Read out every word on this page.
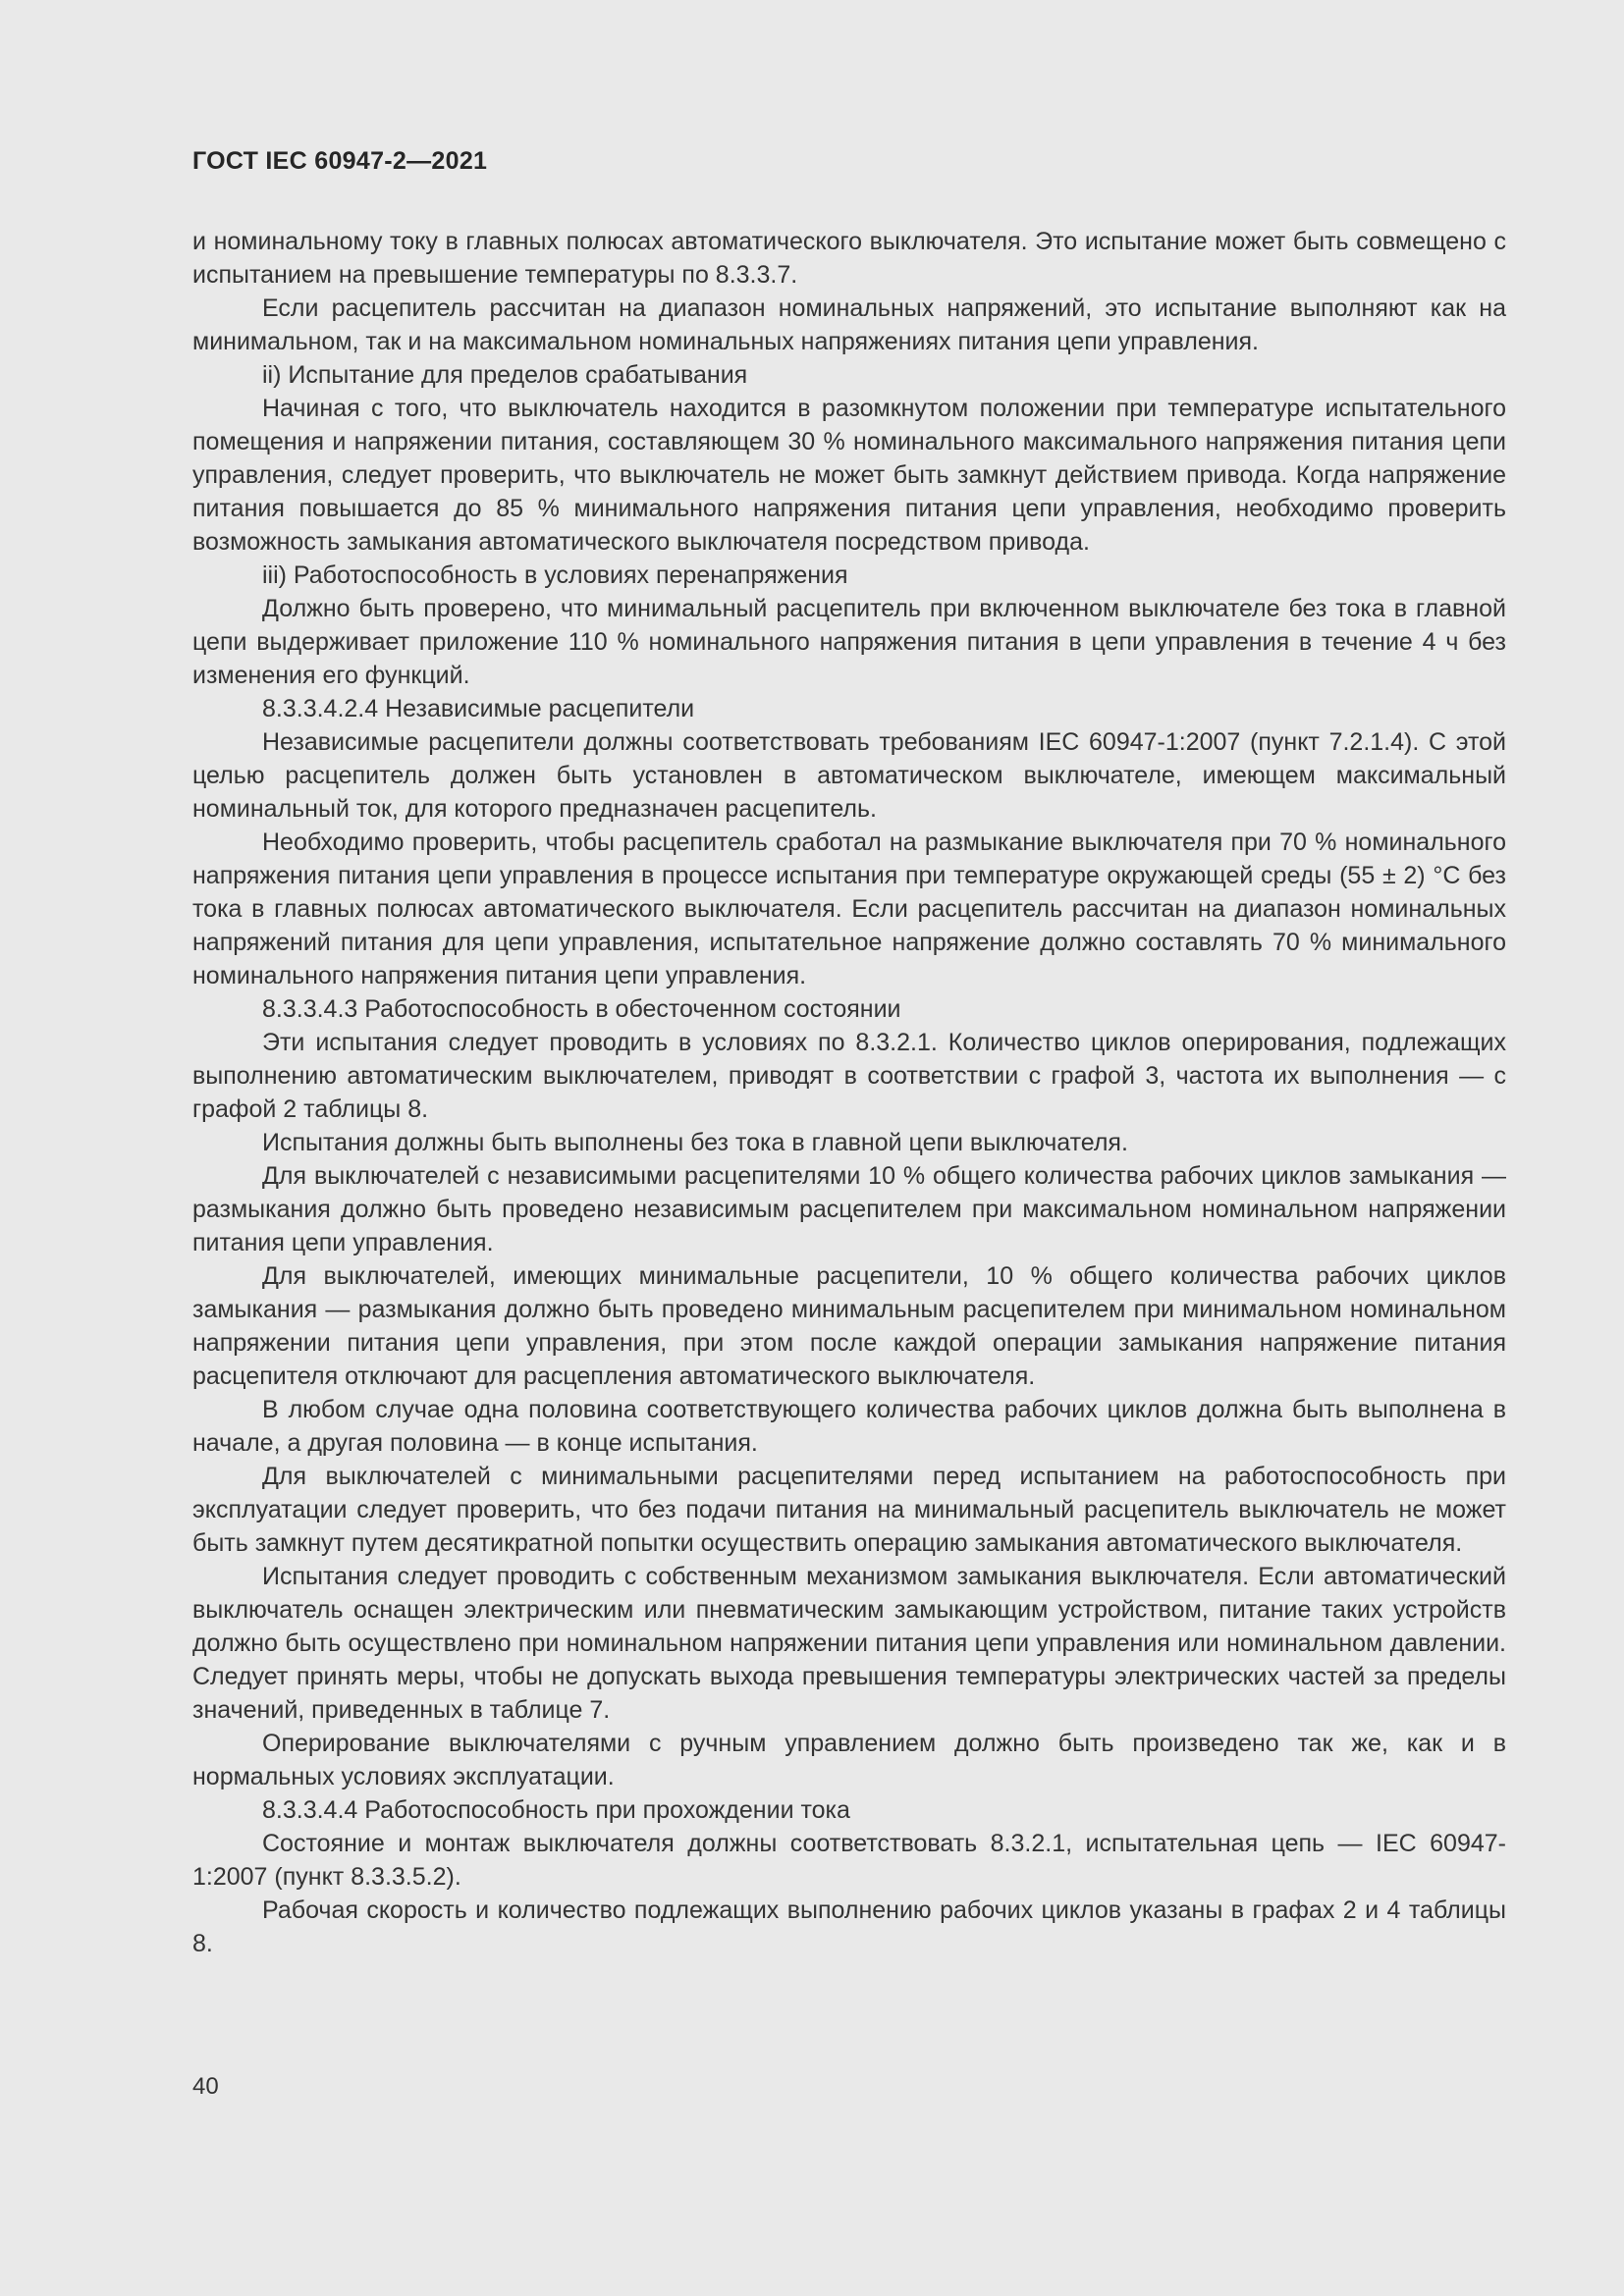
ГОСТ IEC 60947-2—2021

и номинальному току в главных полюсах автоматического выключателя. Это испытание может быть совмещено с испытанием на превышение температуры по 8.3.3.7.

Если расцепитель рассчитан на диапазон номинальных напряжений, это испытание выполняют как на минимальном, так и на максимальном номинальных напряжениях питания цепи управления.

ii) Испытание для пределов срабатывания

Начиная с того, что выключатель находится в разомкнутом положении при температуре испытательного помещения и напряжении питания, составляющем 30 % номинального максимального напряжения питания цепи управления, следует проверить, что выключатель не может быть замкнут действием привода. Когда напряжение питания повышается до 85 % минимального напряжения питания цепи управления, необходимо проверить возможность замыкания автоматического выключателя посредством привода.

iii) Работоспособность в условиях перенапряжения

Должно быть проверено, что минимальный расцепитель при включенном выключателе без тока в главной цепи выдерживает приложение 110 % номинального напряжения питания в цепи управления в течение 4 ч без изменения его функций.

8.3.3.4.2.4 Независимые расцепители

Независимые расцепители должны соответствовать требованиям IEC 60947-1:2007 (пункт 7.2.1.4). С этой целью расцепитель должен быть установлен в автоматическом выключателе, имеющем максимальный номинальный ток, для которого предназначен расцепитель.

Необходимо проверить, чтобы расцепитель сработал на размыкание выключателя при 70 % номинального напряжения питания цепи управления в процессе испытания при температуре окружающей среды (55 ± 2) °С без тока в главных полюсах автоматического выключателя. Если расцепитель рассчитан на диапазон номинальных напряжений питания для цепи управления, испытательное напряжение должно составлять 70 % минимального номинального напряжения питания цепи управления.

8.3.3.4.3 Работоспособность в обесточенном состоянии

Эти испытания следует проводить в условиях по 8.3.2.1. Количество циклов оперирования, подлежащих выполнению автоматическим выключателем, приводят в соответствии с графой 3, частота их выполнения — с графой 2 таблицы 8.

Испытания должны быть выполнены без тока в главной цепи выключателя.

Для выключателей с независимыми расцепителями 10 % общего количества рабочих циклов замыкания — размыкания должно быть проведено независимым расцепителем при максимальном номинальном напряжении питания цепи управления.

Для выключателей, имеющих минимальные расцепители, 10 % общего количества рабочих циклов замыкания — размыкания должно быть проведено минимальным расцепителем при минимальном номинальном напряжении питания цепи управления, при этом после каждой операции замыкания напряжение питания расцепителя отключают для расцепления автоматического выключателя.

В любом случае одна половина соответствующего количества рабочих циклов должна быть выполнена в начале, а другая половина — в конце испытания.

Для выключателей с минимальными расцепителями перед испытанием на работоспособность при эксплуатации следует проверить, что без подачи питания на минимальный расцепитель выключатель не может быть замкнут путем десятикратной попытки осуществить операцию замыкания автоматического выключателя.

Испытания следует проводить с собственным механизмом замыкания выключателя. Если автоматический выключатель оснащен электрическим или пневматическим замыкающим устройством, питание таких устройств должно быть осуществлено при номинальном напряжении питания цепи управления или номинальном давлении. Следует принять меры, чтобы не допускать выхода превышения температуры электрических частей за пределы значений, приведенных в таблице 7.

Оперирование выключателями с ручным управлением должно быть произведено так же, как и в нормальных условиях эксплуатации.

8.3.3.4.4 Работоспособность при прохождении тока

Состояние и монтаж выключателя должны соответствовать 8.3.2.1, испытательная цепь — IEC 60947-1:2007 (пункт 8.3.3.5.2).

Рабочая скорость и количество подлежащих выполнению рабочих циклов указаны в графах 2 и 4 таблицы 8.

40
